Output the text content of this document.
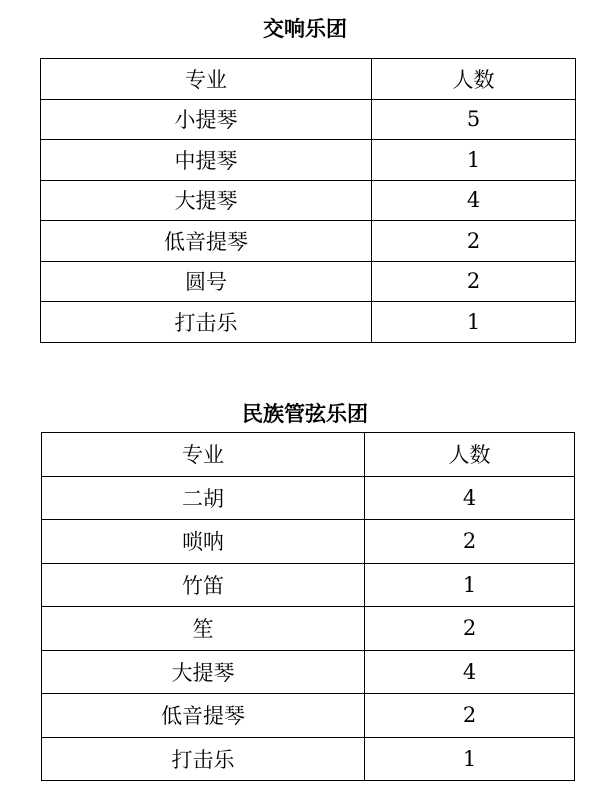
交响乐团
专业	人数
小提琴	5
中提琴	1
大提琴	4
低音提琴	2
圆号	2
打击乐	1
民族管弦乐团
专业	人数
二胡	4
唢呐	2
竹笛	1
笙	2
大提琴	4
低音提琴	2
打击乐	1
